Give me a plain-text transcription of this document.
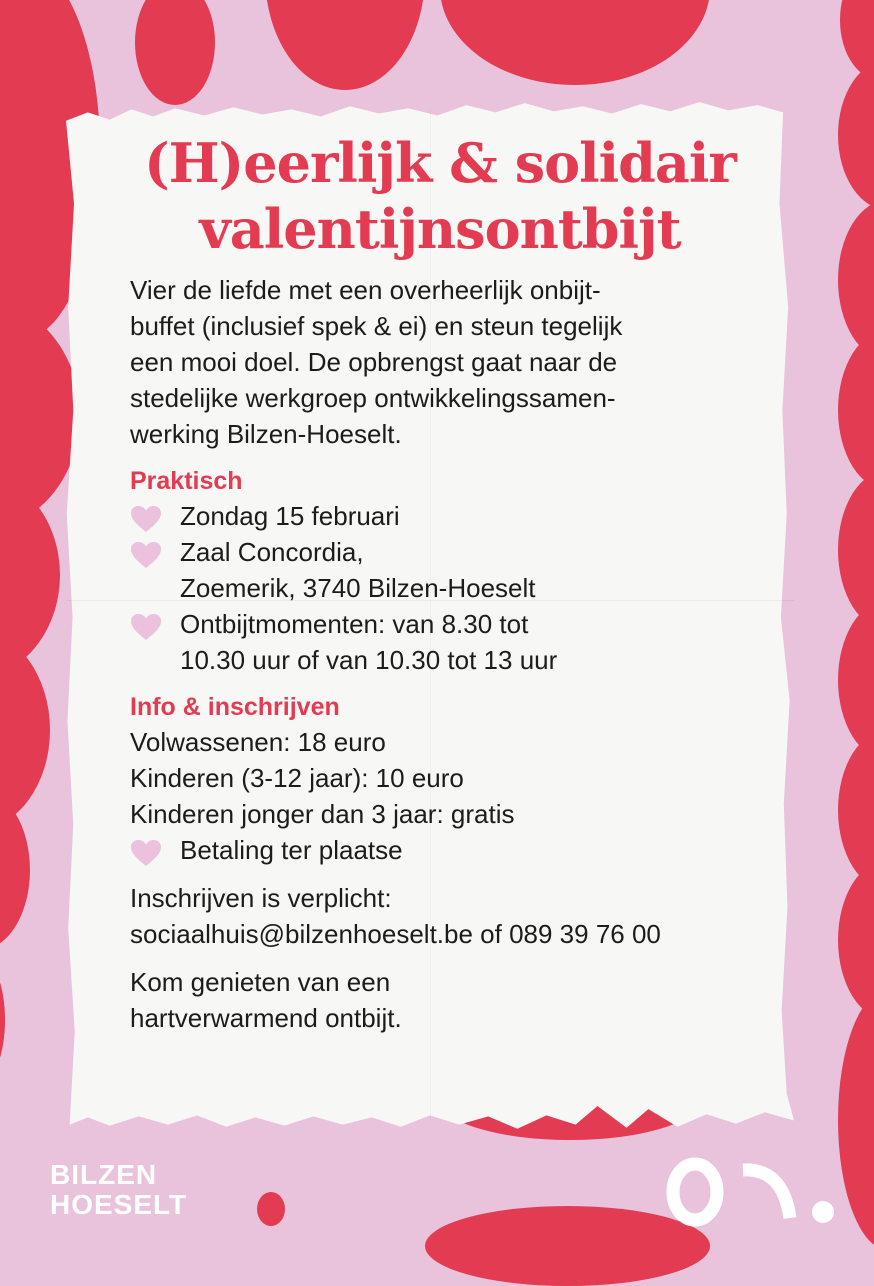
(H)eerlijk & solidair
valentijnsontbijt
Vier de liefde met een overheerlijk onbijt-
buffet (inclusief spek & ei) en steun tegelijk
een mooi doel. De opbrengst gaat naar de
stedelijke werkgroep ontwikkelingssamen-
werking Bilzen-Hoeselt.
Praktisch
Zondag 15 februari
Zaal Concordia,
Zoemerik, 3740 Bilzen-Hoeselt
Ontbijtmomenten: van 8.30 tot
10.30 uur of van 10.30 tot 13 uur
Info & inschrijven
Volwassenen: 18 euro
Kinderen (3-12 jaar): 10 euro
Kinderen jonger dan 3 jaar: gratis
Betaling ter plaatse
Inschrijven is verplicht:
sociaalhuis@bilzenhoeselt.be of 089 39 76 00
Kom genieten van een
hartverwarmend ontbijt.
BILZEN
HOESELT
